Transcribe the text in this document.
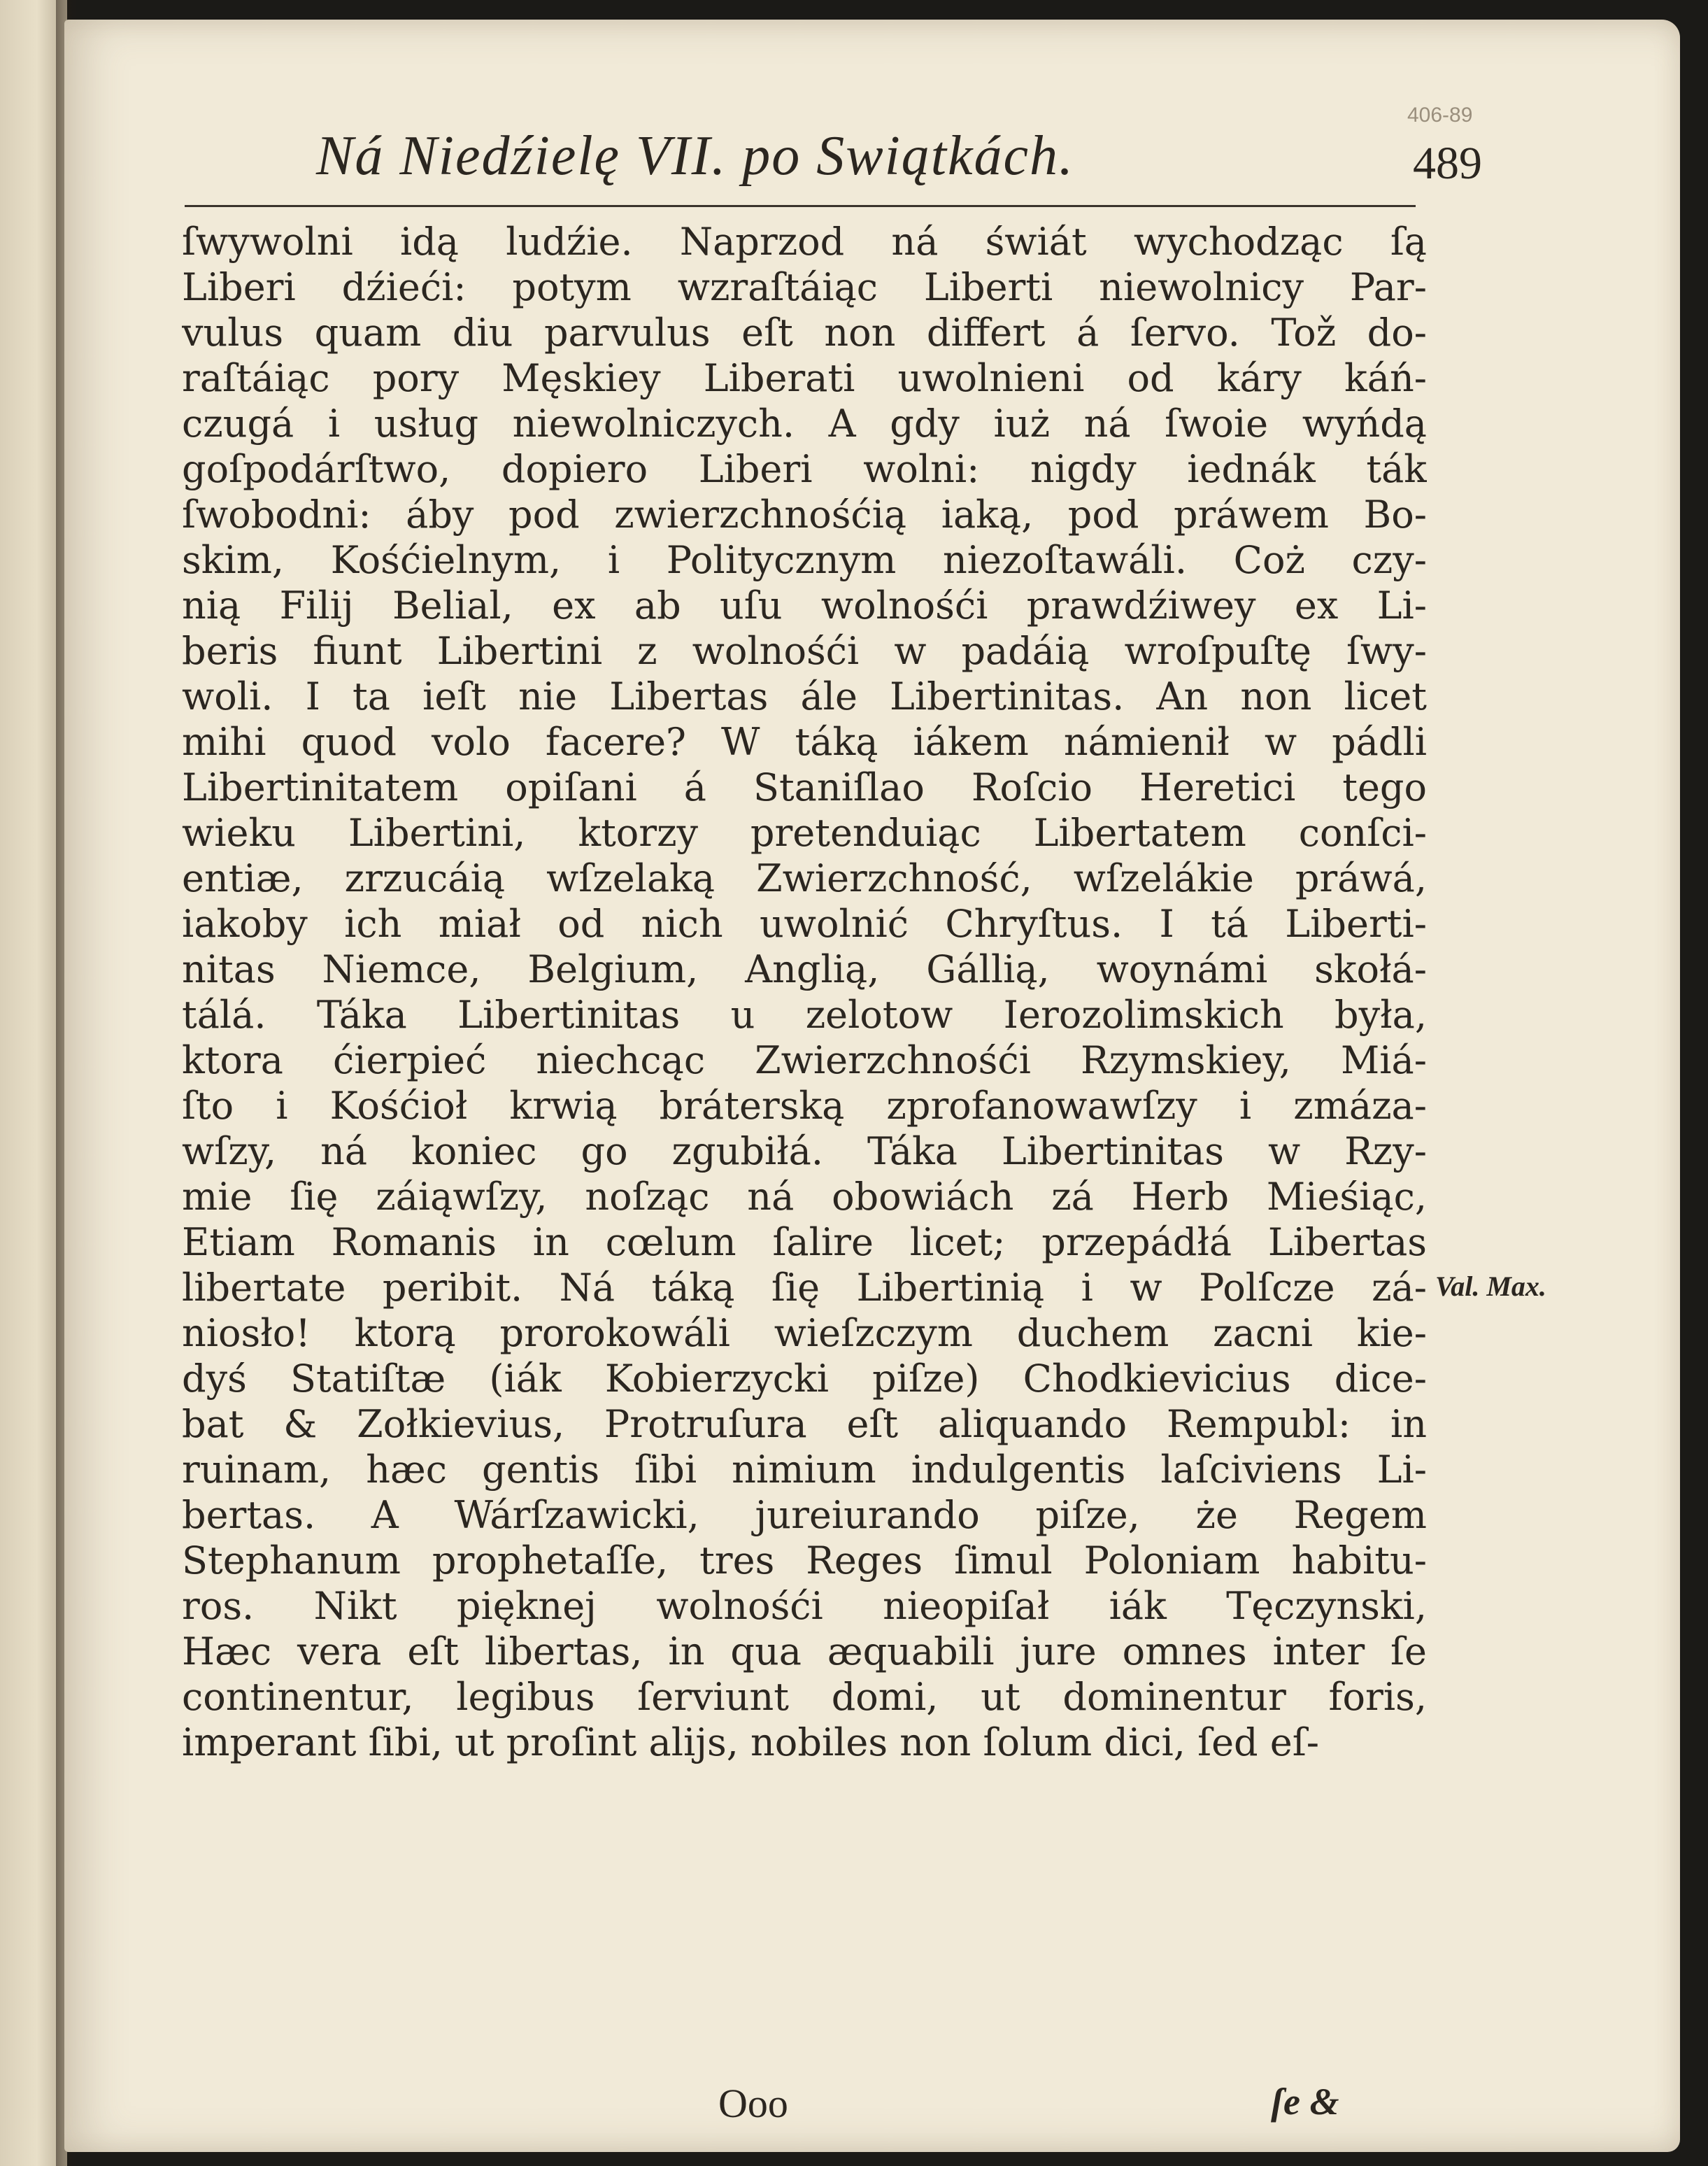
Ná Niedźielę VII. po Swiątkách.	489
406-89
ſwywolni idą ludźie. Naprzod ná świát wychodząc ſą
Liberi dźieći: potym wzraſtáiąc Liberti niewolnicy Par-
vulus quam diu parvulus eſt non differt á ſervo. Tož do-
raſtáiąc pory Męskiey Liberati uwolnieni od káry káń-
czugá i usług niewolniczych. A gdy iuż ná ſwoie wyńdą
goſpodárſtwo, dopiero Liberi wolni: nigdy iednák ták
ſwobodni: áby pod zwierzchnośćią iaką, pod práwem Bo-
skim, Kośćielnym, i Politycznym niezoſtawáli. Coż czy-
nią Filij Belial, ex ab uſu wolnośći prawdźiwey ex Li-
beris fiunt Libertini z wolnośći w padáią wroſpuſtę ſwy-
woli. I ta ieſt nie Libertas ále Libertinitas. An non licet
mihi quod volo facere? W táką iákem námienił w pádli
Libertinitatem opiſani á Staniſlao Roſcio Heretici tego
wieku Libertini, ktorzy pretenduiąc Libertatem conſci-
entiæ, zrzucáią wſzelaką Zwierzchność, wſzelákie práwá,
iakoby ich miał od nich uwolnić Chryſtus. I tá Liberti-
nitas Niemce, Belgium, Anglią, Gállią, woynámi skołá-
tálá. Táka Libertinitas u zelotow Ierozolimskich była,
ktora ćierpieć niechcąc Zwierzchnośći Rzymskiey, Miá-
ſto i Kośćioł krwią bráterską zprofanowawſzy i zmáza-
wſzy, ná koniec go zgubiłá. Táka Libertinitas w Rzy-
mie ſię záiąwſzy, noſząc ná obowiách zá Herb Mieśiąc,
Etiam Romanis in cœlum ſalire licet; przepádłá Libertas
libertate peribit. Ná táką ſię Libertinią i w Polſcze zá-
niosło! ktorą prorokowáli wieſzczym duchem zacni kie-
dyś Statiſtæ (iák Kobierzycki piſze) Chodkievicius dice-
bat & Zołkievius, Protruſura eſt aliquando Rempubl: in
ruinam, hæc gentis ſibi nimium indulgentis laſciviens Li-
bertas. A Wárſzawicki, jureiurando piſze, że Regem
Stephanum prophetaſſe, tres Reges ſimul Poloniam habitu-
ros. Nikt pięknej wolnośći nieopiſał iák Tęczynski,
Hæc vera eſt libertas, in qua æquabili jure omnes inter ſe
continentur, legibus ſerviunt domi, ut dominentur foris,
imperant ſibi, ut proſint alijs, nobiles non ſolum dici, ſed eſ-
Val. Max.
Ooo	ſe &
